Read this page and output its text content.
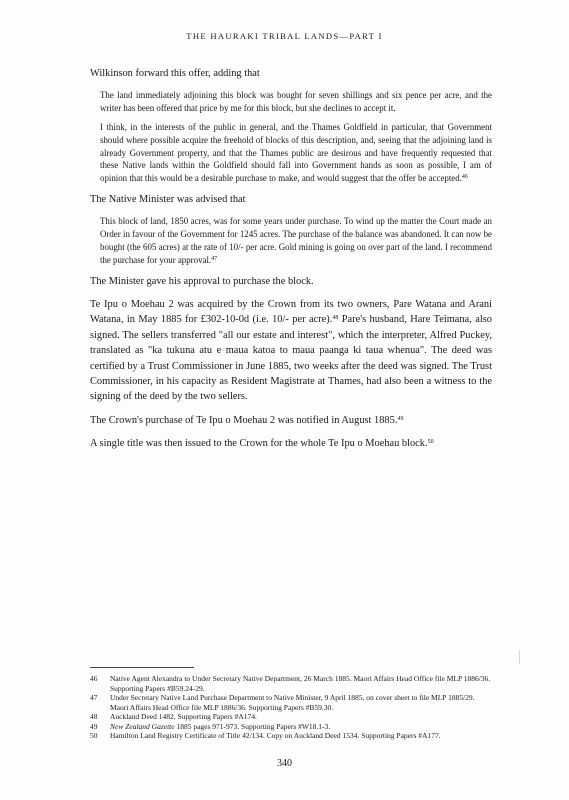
THE HAURAKI TRIBAL LANDS—PART I

Wilkinson forward this offer, adding that

The land immediately adjoining this block was bought for seven shillings and six pence per acre, and the writer has been offered that price by me for this block, but she declines to accept it.

I think, in the interests of the public in general, and the Thames Goldfield in particular, that Government should where possible acquire the freehold of blocks of this description, and, seeing that the adjoining land is already Government property, and that the Thames public are desirous and have frequently requested that these Native lands within the Goldfield should fall into Government hands as soon as possible, I am of opinion that this would be a desirable purchase to make, and would suggest that the offer be accepted.$^{46}$

The Native Minister was advised that

This block of land, 1850 acres, was for some years under purchase. To wind up the matter the Court made an Order in favour of the Government for 1245 acres. The purchase of the balance was abandoned. It can now be bought (the 605 acres) at the rate of 10/- per acre. Gold mining is going on over part of the land. I recommend the purchase for your approval.$^{47}$

The Minister gave his approval to purchase the block.

Te Ipu o Moehau 2 was acquired by the Crown from its two owners, Pare Watana and Arani Watana, in May 1885 for £302-10-0d (i.e. 10/- per acre).$^{48}$ Pare's husband, Hare Teimana, also signed. The sellers transferred "all our estate and interest", which the interpreter, Alfred Puckey, translated as "ka tukuna atu e maua katoa to maua paanga ki taua whenua". The deed was certified by a Trust Commissioner in June 1885, two weeks after the deed was signed. The Trust Commissioner, in his capacity as Resident Magistrate at Thames, had also been a witness to the signing of the deed by the two sellers.

The Crown's purchase of Te Ipu o Moehau 2 was notified in August 1885.49

A single title was then issued to the Crown for the whole Te Ipu o Moehau block.$^{50}$

46	Native Agent Alexandra to Under Secretary Native Department, 26 March 1885. Maori Affairs Head Office file MLP 1886/36. Supporting Papers #B59.24-29.
47	Under Secretary Native Land Purchase Department to Native Minister, 9 April 1885, on cover sheet to file MLP 1885/29. Maori Affairs Head Office file MLP 1886/36. Supporting Papers #B59.30.
48	Auckland Deed 1482. Supporting Papers #A174.
49	New Zealand Gazette 1885 pages 971-973. Supporting Papers #W18.1-3.
50	Hamilton Land Registry Certificate of Title 42/134. Copy on Auckland Deed 1534. Supporting Papers #A177.
340
